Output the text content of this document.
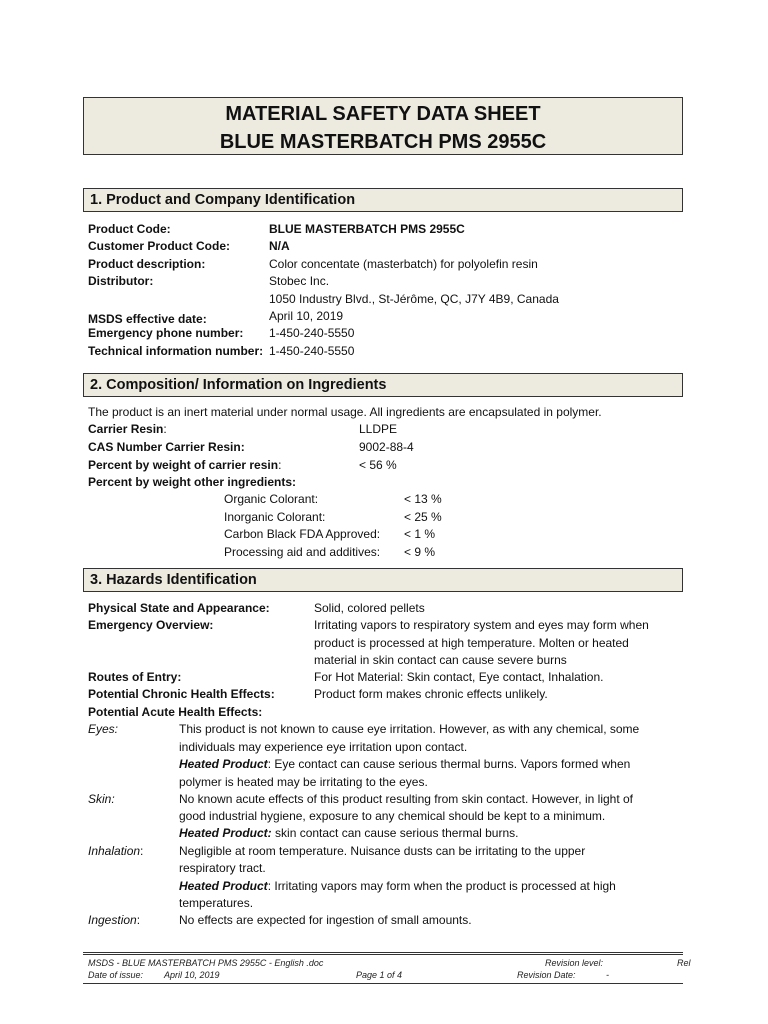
MATERIAL SAFETY DATA SHEET
BLUE MASTERBATCH PMS 2955C
1. Product and Company Identification
Product Code:	BLUE MASTERBATCH PMS 2955C
Customer Product Code:	N/A
Product description:	Color concentate (masterbatch) for polyolefin resin
Distributor:	Stobec Inc.
1050 Industry Blvd., St-Jérôme, QC, J7Y 4B9, Canada
MSDS effective date:	April 10, 2019
Emergency phone number: 1-450-240-5550
Technical information number: 1-450-240-5550
2. Composition/ Information on Ingredients
The product is an inert material under normal usage. All ingredients are encapsulated in polymer.
Carrier Resin:	LLDPE
CAS Number Carrier Resin:	9002-88-4
Percent by weight of carrier resin:	< 56 %
Percent by weight other ingredients:
Organic Colorant:	< 13 %
Inorganic Colorant:	< 25 %
Carbon Black FDA Approved: < 1 %
Processing aid and additives: < 9 %
3. Hazards Identification
Physical State and Appearance:	Solid, colored pellets
Emergency Overview:	Irritating vapors to respiratory system and eyes may form when
product is processed at high temperature. Molten or heated
material in skin contact can cause severe burns
Routes of Entry:	For Hot Material: Skin contact, Eye contact, Inhalation.
Potential Chronic Health Effects:	Product form makes chronic effects unlikely.
Potential Acute Health Effects:
Eyes:	This product is not known to cause eye irritation. However, as with any chemical, some
individuals may experience eye irritation upon contact.
Heated Product: Eye contact can cause serious thermal burns. Vapors formed when
polymer is heated may be irritating to the eyes.
Skin:	No known acute effects of this product resulting from skin contact. However, in light of
good industrial hygiene, exposure to any chemical should be kept to a minimum.
Heated Product: skin contact can cause serious thermal burns.
Inhalation:	Negligible at room temperature. Nuisance dusts can be irritating to the upper
respiratory tract.
Heated Product: Irritating vapors may form when the product is processed at high
temperatures.
Ingestion:	No effects are expected for ingestion of small amounts.
MSDS - BLUE MASTERBATCH PMS 2955C - English .doc	Revision level:	Rel
Date of issue: April 10, 2019	Page 1 of 4	Revision Date:	-
